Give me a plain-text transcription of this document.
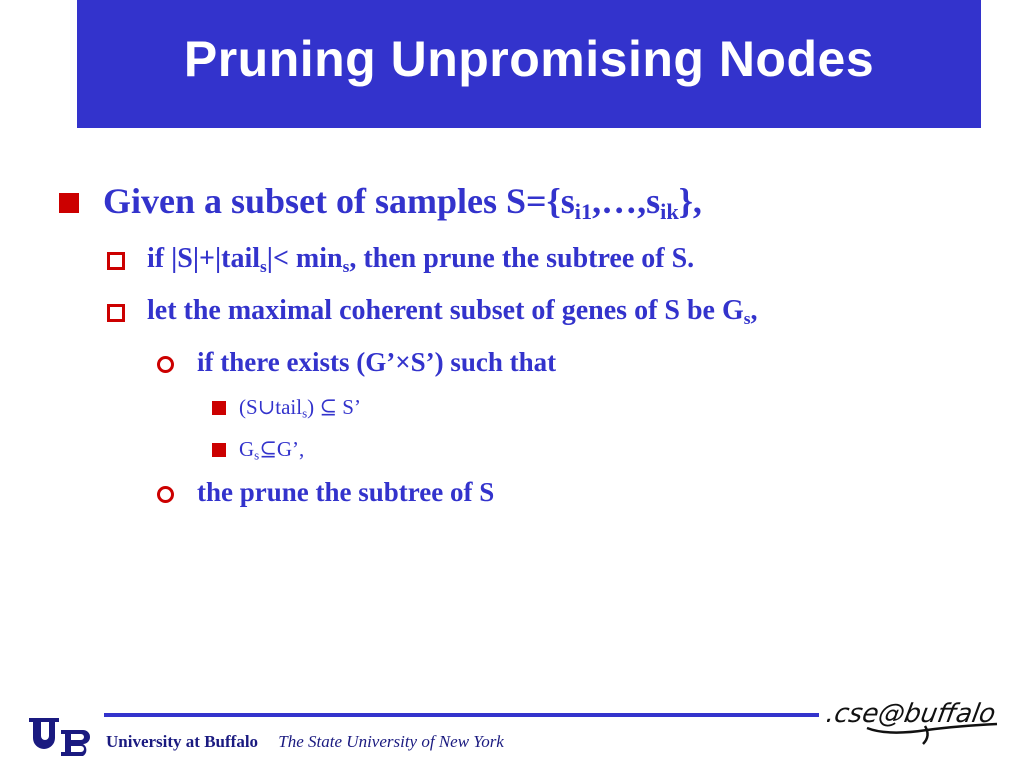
Pruning Unpromising Nodes
Given a subset of samples $S=\{s_{i1},\dots,s_{ik}\}$,
if |S|+|tail$_s$|< $\min_s$, then prune the subtree of S.
let the maximal coherent subset of genes of S be $G_s$,
if there exists (G’×S’) such that
(S∪tail$_s$) ⊆ S’
$G_s⊆G$’,
the prune the subtree of S
University at Buffalo The State University of New York
.cse@buffalo
